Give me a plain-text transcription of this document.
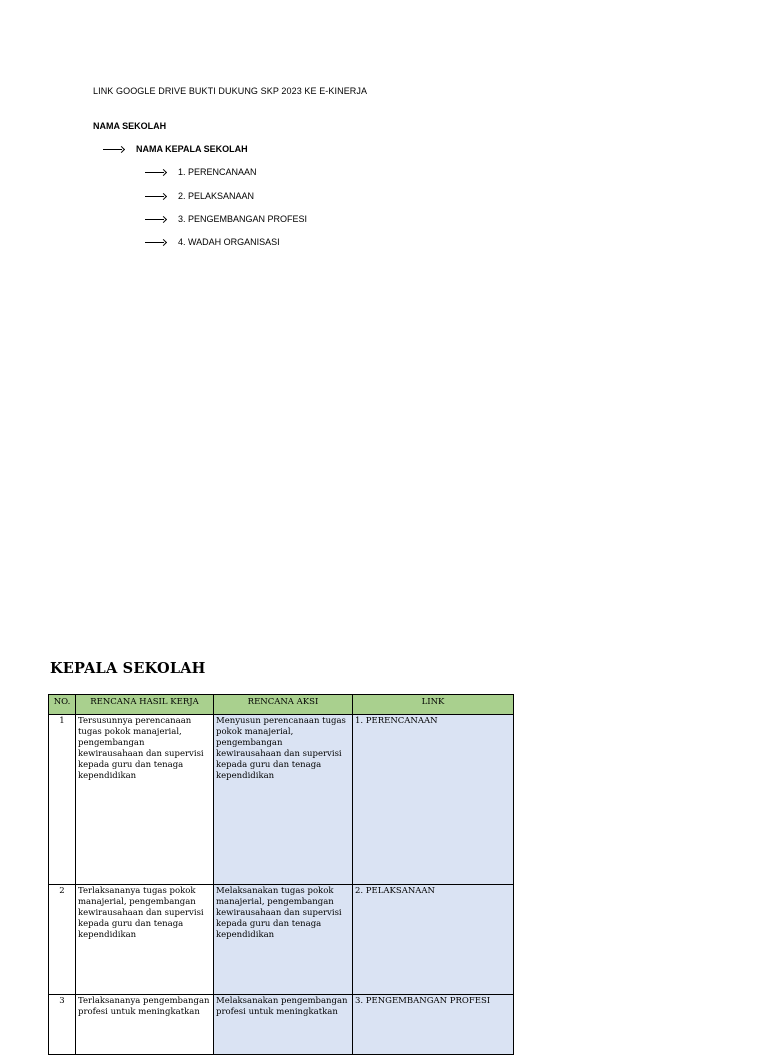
LINK GOOGLE DRIVE BUKTI DUKUNG SKP 2023 KE E-KINERJA
NAMA SEKOLAH
NAMA KEPALA SEKOLAH
1. PERENCANAAN
2. PELAKSANAAN
3. PENGEMBANGAN PROFESI
4. WADAH ORGANISASI
KEPALA SEKOLAH
NO.	RENCANA HASIL KERJA	RENCANA AKSI	LINK
1	Tersusunnya perencanaan tugas pokok manajerial, pengembangan kewirausahaan dan supervisi kepada guru dan tenaga kependidikan	Menyusun perencanaan tugas pokok manajerial, pengembangan kewirausahaan dan supervisi kepada guru dan tenaga kependidikan	1. PERENCANAAN
2	Terlaksananya tugas pokok manajerial, pengembangan kewirausahaan dan supervisi kepada guru dan tenaga kependidikan	Melaksanakan tugas pokok manajerial, pengembangan kewirausahaan dan supervisi kepada guru dan tenaga kependidikan	2. PELAKSANAAN
3	Terlaksananya pengembangan profesi untuk meningkatkan	Melaksanakan pengembangan profesi untuk meningkatkan	3. PENGEMBANGAN PROFESI
